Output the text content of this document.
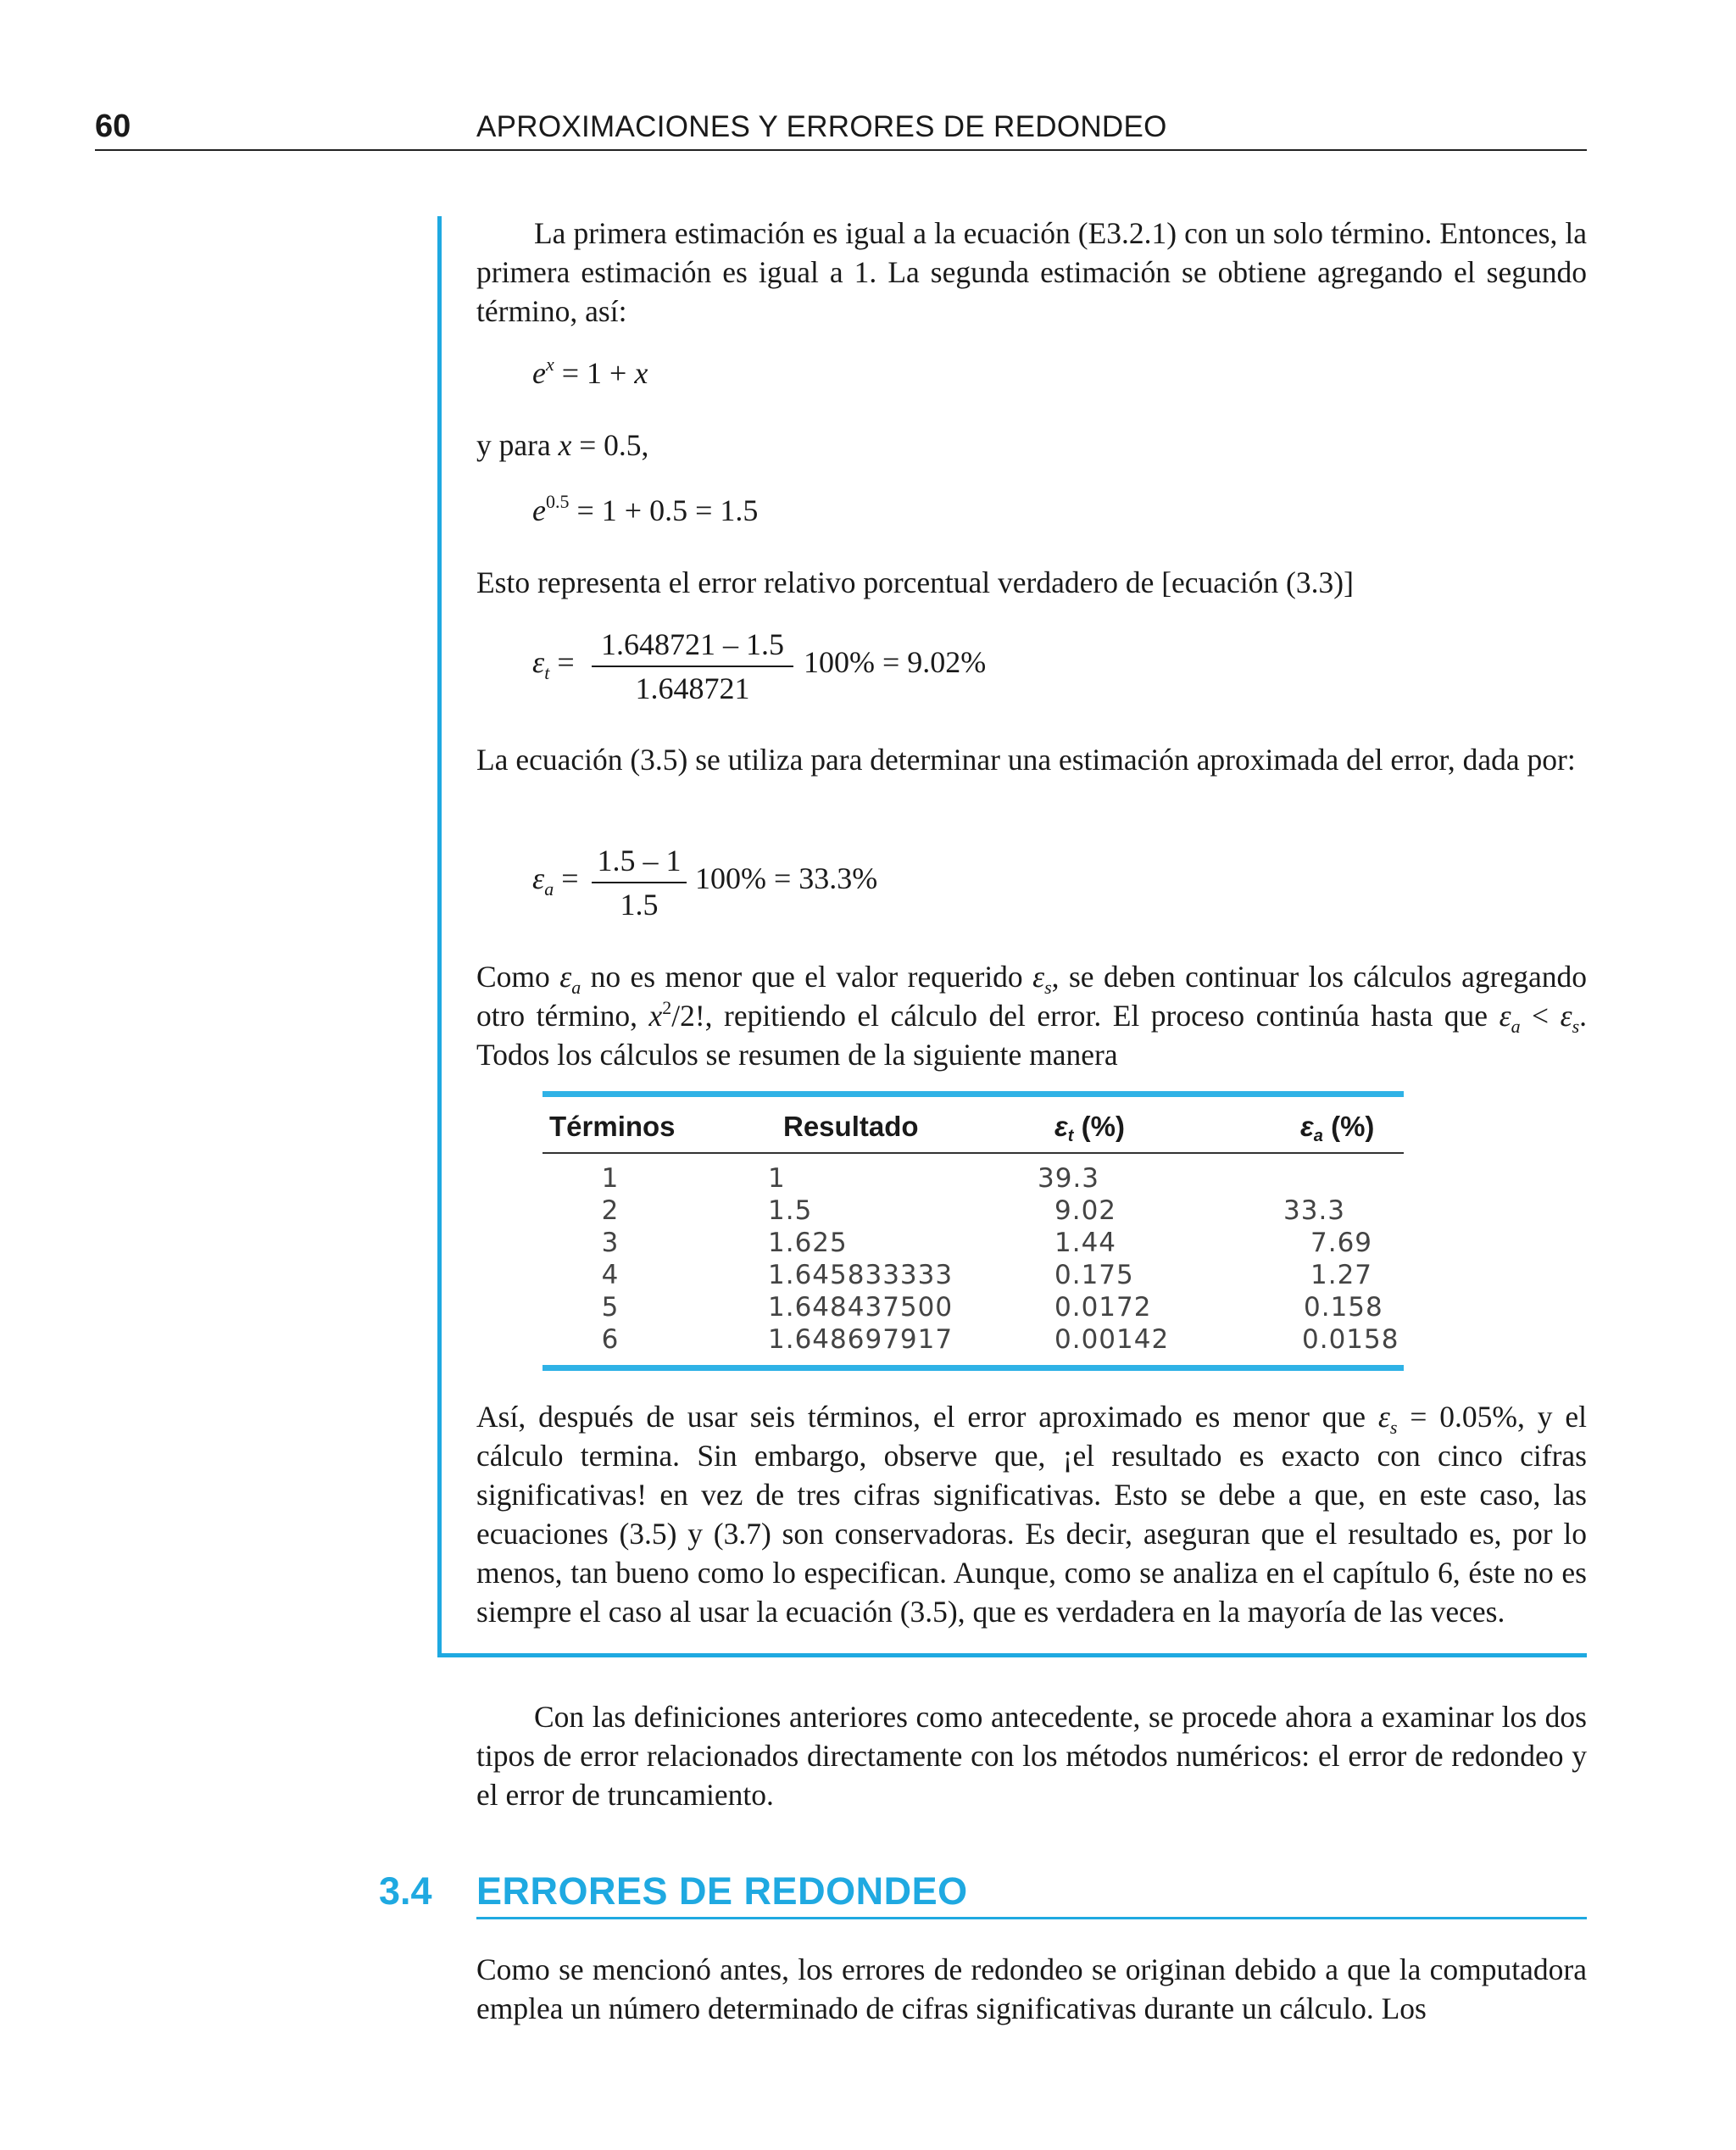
60	APROXIMACIONES Y ERRORES DE REDONDEO
La primera estimación es igual a la ecuación (E3.2.1) con un solo término. Entonces, la primera estimación es igual a 1. La segunda estimación se obtiene agregando el segundo término, así:
$e^x = 1 + x$
y para x = 0.5,
$e^{0.5} = 1 + 0.5 = 1.5$
Esto representa el error relativo porcentual verdadero de [ecuación (3.3)]
$\varepsilon_t$ =
1.648721 – 1.5
1.648721
100% = 9.02%
La ecuación (3.5) se utiliza para determinar una estimación aproximada del error, dada por:
$\varepsilon_a$ =
1.5 – 1
1.5
100% = 33.3%
Como $\varepsilon_a$ no es menor que el valor requerido $\varepsilon_s$, se deben continuar los cálculos agregando otro término, $x^2/2$!, repitiendo el cálculo del error. El proceso continúa hasta que $\varepsilon_a < \varepsilon_s$. Todos los cálculos se resumen de la siguiente manera
Términos	Resultado	$\varepsilon_t$ (%)	$\varepsilon_a$ (%)
1	1	39.3
2	1.5	9.02	33.3
3	1.625	1.44	7.69
4	1.645833333	0.175	1.27
5	1.648437500	0.0172	0.158
6	1.648697917	0.00142	0.0158
Así, después de usar seis términos, el error aproximado es menor que $\varepsilon_s = 0.05\%$, y el cálculo termina. Sin embargo, observe que, ¡el resultado es exacto con cinco cifras significativas! en vez de tres cifras significativas. Esto se debe a que, en este caso, las ecuaciones (3.5) y (3.7) son conservadoras. Es decir, aseguran que el resultado es, por lo menos, tan bueno como lo especifican. Aunque, como se analiza en el capítulo 6, éste no es siempre el caso al usar la ecuación (3.5), que es verdadera en la mayoría de las veces.
Con las definiciones anteriores como antecedente, se procede ahora a examinar los dos tipos de error relacionados directamente con los métodos numéricos: el error de redondeo y el error de truncamiento.
3.4 ERRORES DE REDONDEO
Como se mencionó antes, los errores de redondeo se originan debido a que la computadora emplea un número determinado de cifras significativas durante un cálculo. Los
